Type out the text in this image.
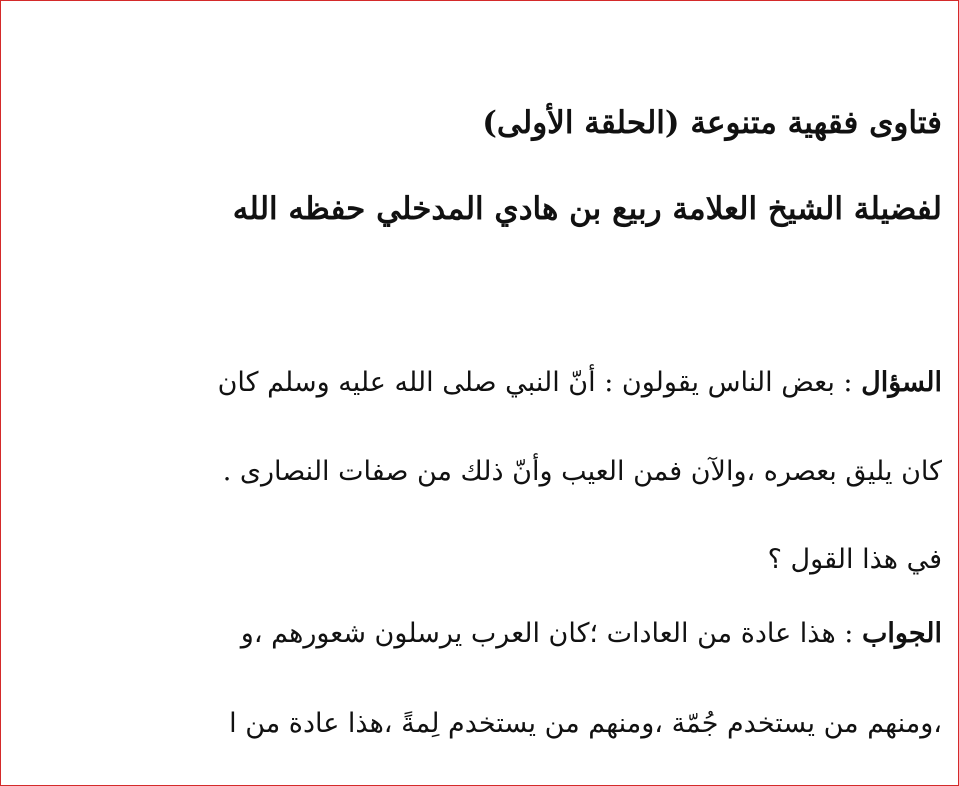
فتاوى فقهية متنوعة (الحلقة الأولى)
لفضيلة الشيخ العلامة ربيع بن هادي المدخلي حفظه الله
السؤال : بعض الناس يقولون : أنّ النبي صلى الله عليه وسلم كان
كان يليق بعصره ،والآن فمن العيب وأنّ ذلك من صفات النصارى .
في هذا القول ؟
الجواب : هذا عادة من العادات ؛كان العرب يرسلون شعورهم ،و
،ومنهم من يستخدم جُمّة ،ومنهم من يستخدم لِمةً ،هذا عادة من ا
